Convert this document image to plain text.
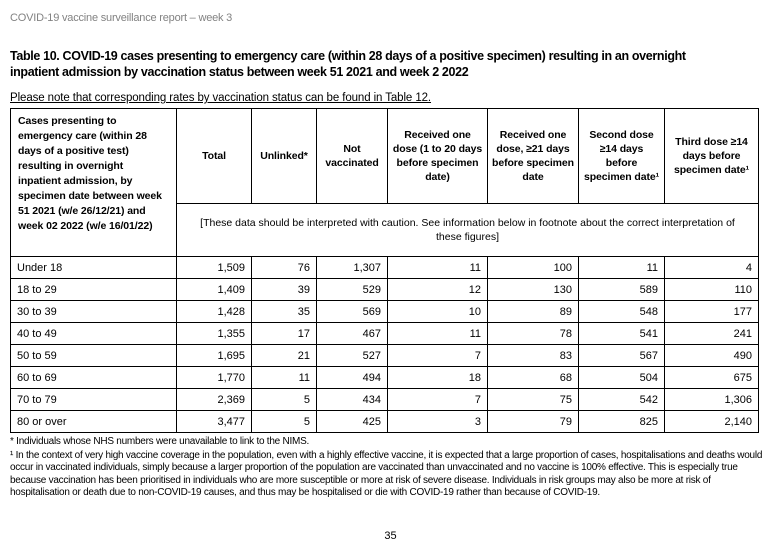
COVID-19 vaccine surveillance report – week 3
Table 10. COVID-19 cases presenting to emergency care (within 28 days of a positive specimen) resulting in an overnight inpatient admission by vaccination status between week 51 2021 and week 2 2022
Please note that corresponding rates by vaccination status can be found in Table 12.
Cases presenting to emergency care (within 28 days of a positive test) resulting in overnight inpatient admission, by specimen date between week 51 2021 (w/e 26/12/21) and week 02 2022 (w/e 16/01/22)	Total	Unlinked*	Not vaccinated	Received one dose (1 to 20 days before specimen date)	Received one dose, ≥21 days before specimen date	Second dose ≥14 days before specimen date¹	Third dose ≥14 days before specimen date¹
	[These data should be interpreted with caution. See information below in footnote about the correct interpretation of these figures]						
Under 18	1,509	76	1,307	11	100	11	4
18 to 29	1,409	39	529	12	130	589	110
30 to 39	1,428	35	569	10	89	548	177
40 to 49	1,355	17	467	11	78	541	241
50 to 59	1,695	21	527	7	83	567	490
60 to 69	1,770	11	494	18	68	504	675
70 to 79	2,369	5	434	7	75	542	1,306
80 or over	3,477	5	425	3	79	825	2,140
* Individuals whose NHS numbers were unavailable to link to the NIMS.
¹ In the context of very high vaccine coverage in the population, even with a highly effective vaccine, it is expected that a large proportion of cases, hospitalisations and deaths would occur in vaccinated individuals, simply because a larger proportion of the population are vaccinated than unvaccinated and no vaccine is 100% effective. This is especially true because vaccination has been prioritised in individuals who are more susceptible or more at risk of severe disease. Individuals in risk groups may also be more at risk of hospitalisation or death due to non-COVID-19 causes, and thus may be hospitalised or die with COVID-19 rather than because of COVID-19.
35
